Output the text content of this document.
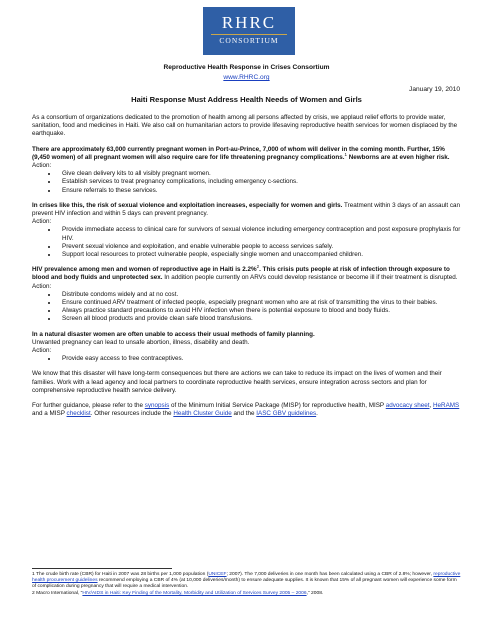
RHRC
CONSORTIUM
Reproductive Health Response in Crises Consortium
www.RHRC.org
January 19, 2010
Haiti Response Must Address Health Needs of Women and Girls

As a consortium of organizations dedicated to the promotion of health among all persons affected by crisis, we applaud relief efforts to provide water, sanitation, food and medicines in Haiti. We also call on humanitarian actors to provide lifesaving reproductive health services for women displaced by the earthquake.

There are approximately 63,000 currently pregnant women in Port-au-Prince, 7,000 of whom will deliver in the coming month. Further, 15% (9,450 women) of all pregnant women will also require care for life threatening pregnancy complications.$^1$ Newborns are at even higher risk.
Action:

• Give clean delivery kits to all visibly pregnant women.
• Establish services to treat pregnancy complications, including emergency c-sections.
• Ensure referrals to these services.

In crises like this, the risk of sexual violence and exploitation increases, especially for women and girls. Treatment within 3 days of an assault can prevent HIV infection and within 5 days can prevent pregnancy.
Action:

• Provide immediate access to clinical care for survivors of sexual violence including emergency contraception and post exposure prophylaxis for HIV.
• Prevent sexual violence and exploitation, and enable vulnerable people to access services safely.
• Support local resources to protect vulnerable people, especially single women and unaccompanied children.

HIV prevalence among men and women of reproductive age in Haiti is 2.2%$^2$. This crisis puts people at risk of infection through exposure to blood and body fluids and unprotected sex. In addition people currently on ARVs could develop resistance or become ill if their treatment is disrupted.
Action:

• Distribute condoms widely and at no cost.
• Ensure continued ARV treatment of infected people, especially pregnant women who are at risk of transmitting the virus to their babies.
• Always practice standard precautions to avoid HIV infection when there is potential exposure to blood and body fluids.
• Screen all blood products and provide clean safe blood transfusions.

In a natural disaster women are often unable to access their usual methods of family planning.
Unwanted pregnancy can lead to unsafe abortion, illness, disability and death.
Action:

• Provide easy access to free contraceptives.

We know that this disaster will have long-term consequences but there are actions we can take to reduce its impact on the lives of women and their families. Work with a lead agency and local partners to coordinate reproductive health services, ensure integration across sectors and plan for comprehensive reproductive health service delivery.

For further guidance, please refer to the synopsis of the Minimum Initial Service Package (MISP) for reproductive health, MISP advocacy sheet, HeRAMS and a MISP checklist. Other resources include the Health Cluster Guide and the IASC GBV guidelines.

1 The crude birth rate (CBR) for Haiti in 2007 was 28 births per 1,000 population (UNICEF; 2007). The 7,000 deliveries in one month has been calculated using a CBR of 2.8%; however, reproductive health procurement guidelines recommend employing a CBR of 4% (at 10,000 deliveries/month) to ensure adequate supplies. It is known that 15% of all pregnant women will experience some form of complication during pregnancy that will require a medical intervention.
2 Macro International, "HIV/AIDS in Haiti: Key Finding of the Mortality, Morbidity and Utilization of Services Survey 2005 – 2006," 2008.
